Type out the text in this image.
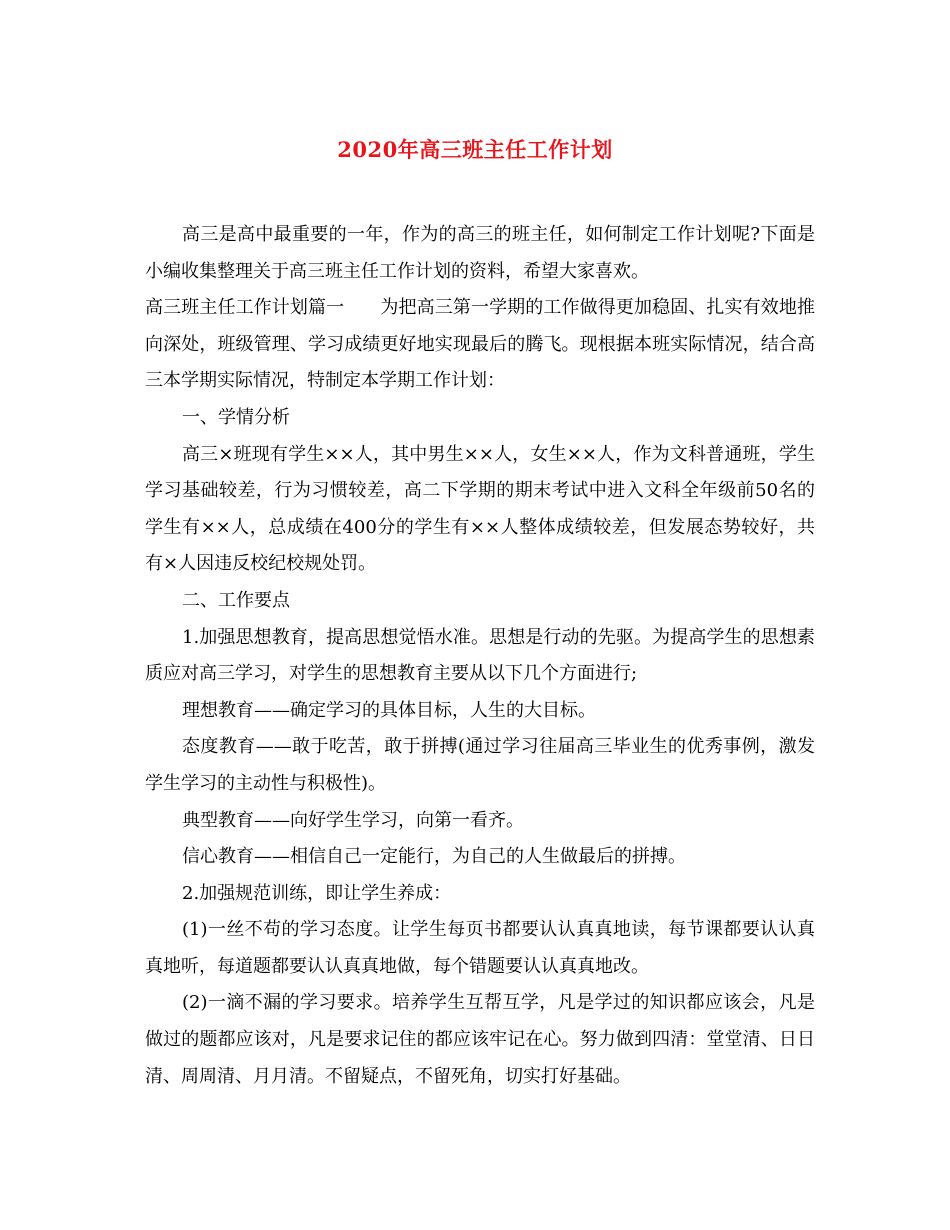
2020年高三班主任工作计划

高三是高中最重要的一年，作为的高三的班主任，如何制定工作计划呢?下面是小编收集整理关于高三班主任工作计划的资料，希望大家喜欢。

高三班主任工作计划篇一 为把高三第一学期的工作做得更加稳固、扎实有效地推向深处，班级管理、学习成绩更好地实现最后的腾飞。现根据本班实际情况，结合高三本学期实际情况，特制定本学期工作计划：

一、学情分析

高三×班现有学生××人，其中男生××人，女生××人，作为文科普通班，学生学习基础较差，行为习惯较差，高二下学期的期末考试中进入文科全年级前50名的学生有××人，总成绩在400分的学生有××人整体成绩较差，但发展态势较好，共有×人因违反校纪校规处罚。

二、工作要点

1.加强思想教育，提高思想觉悟水准。思想是行动的先驱。为提高学生的思想素质应对高三学习，对学生的思想教育主要从以下几个方面进行;

理想教育——确定学习的具体目标，人生的大目标。

态度教育——敢于吃苦，敢于拼搏(通过学习往届高三毕业生的优秀事例，激发学生学习的主动性与积极性)。

典型教育——向好学生学习，向第一看齐。

信心教育——相信自己一定能行，为自己的人生做最后的拼搏。

2.加强规范训练，即让学生养成：

(1)一丝不苟的学习态度。让学生每页书都要认认真真地读，每节课都要认认真真地听，每道题都要认认真真地做，每个错题要认认真真地改。

(2)一滴不漏的学习要求。培养学生互帮互学，凡是学过的知识都应该会，凡是做过的题都应该对，凡是要求记住的都应该牢记在心。努力做到四清：堂堂清、日日清、周周清、月月清。不留疑点，不留死角，切实打好基础。
